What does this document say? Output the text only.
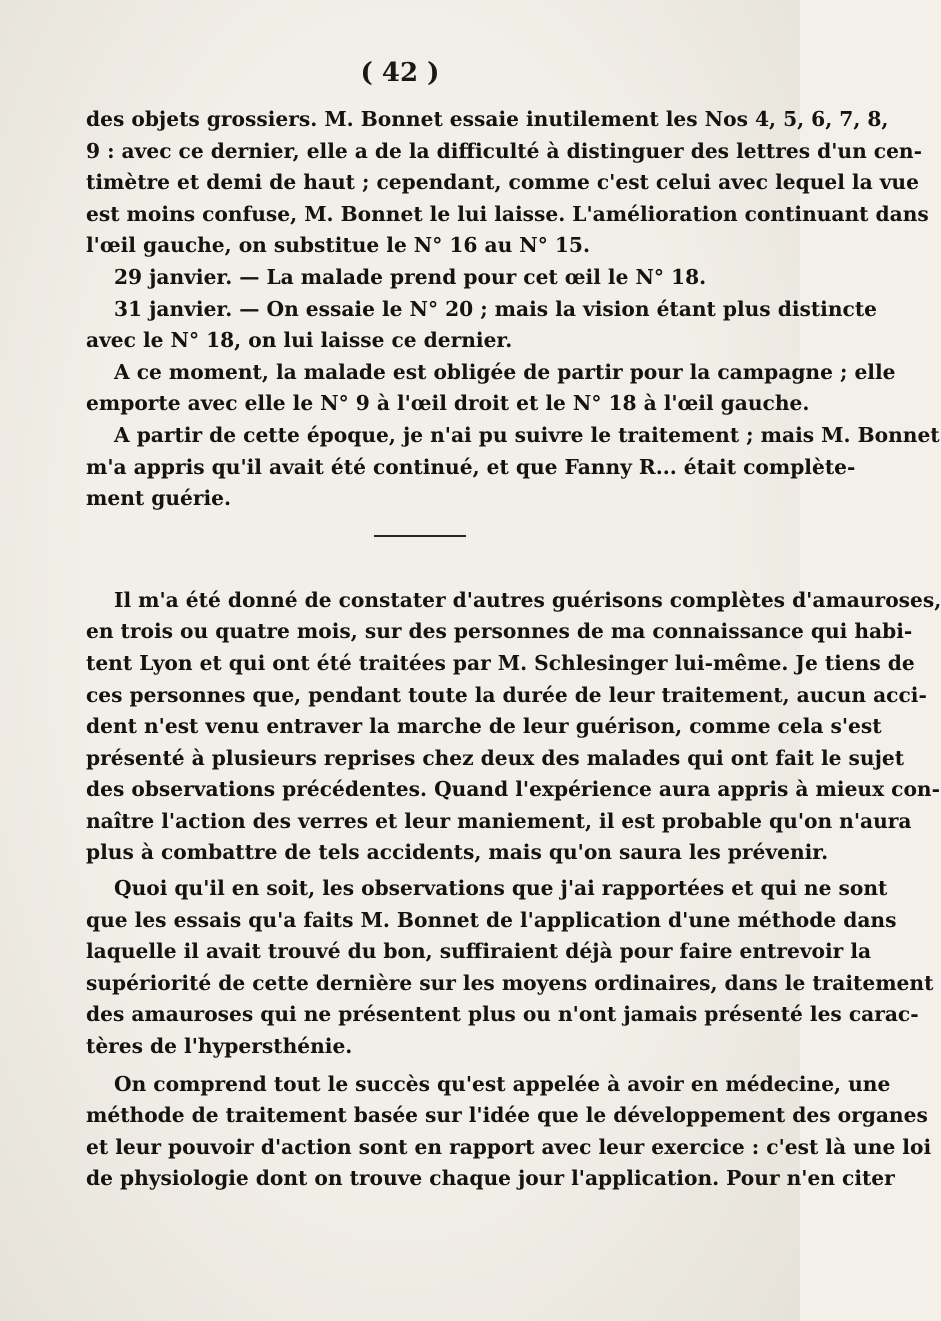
( 42 )
des objets grossiers. M. Bonnet essaie inutilement les Nos 4, 5, 6, 7, 8,
9 : avec ce dernier, elle a de la difficulté à distinguer des lettres d'un cen-
timètre et demi de haut ; cependant, comme c'est celui avec lequel la vue
est moins confuse, M. Bonnet le lui laisse. L'amélioration continuant dans
l'œil gauche, on substitue le N° 16 au N° 15.
29 janvier. — La malade prend pour cet œil le N° 18.
31 janvier. — On essaie le N° 20 ; mais la vision étant plus distincte
avec le N° 18, on lui laisse ce dernier.
A ce moment, la malade est obligée de partir pour la campagne ; elle
emporte avec elle le N° 9 à l'œil droit et le N° 18 à l'œil gauche.
A partir de cette époque, je n'ai pu suivre le traitement ; mais M. Bonnet
m'a appris qu'il avait été continué, et que Fanny R... était complète-
ment guérie.
Il m'a été donné de constater d'autres guérisons complètes d'amauroses,
en trois ou quatre mois, sur des personnes de ma connaissance qui habi-
tent Lyon et qui ont été traitées par M. Schlesinger lui-même. Je tiens de
ces personnes que, pendant toute la durée de leur traitement, aucun acci-
dent n'est venu entraver la marche de leur guérison, comme cela s'est
présenté à plusieurs reprises chez deux des malades qui ont fait le sujet
des observations précédentes. Quand l'expérience aura appris à mieux con-
naître l'action des verres et leur maniement, il est probable qu'on n'aura
plus à combattre de tels accidents, mais qu'on saura les prévenir.
Quoi qu'il en soit, les observations que j'ai rapportées et qui ne sont
que les essais qu'a faits M. Bonnet de l'application d'une méthode dans
laquelle il avait trouvé du bon, suffiraient déjà pour faire entrevoir la
supériorité de cette dernière sur les moyens ordinaires, dans le traitement
des amauroses qui ne présentent plus ou n'ont jamais présenté les carac-
tères de l'hypersthénie.
On comprend tout le succès qu'est appelée à avoir en médecine, une
méthode de traitement basée sur l'idée que le développement des organes
et leur pouvoir d'action sont en rapport avec leur exercice : c'est là une loi
de physiologie dont on trouve chaque jour l'application. Pour n'en citer
